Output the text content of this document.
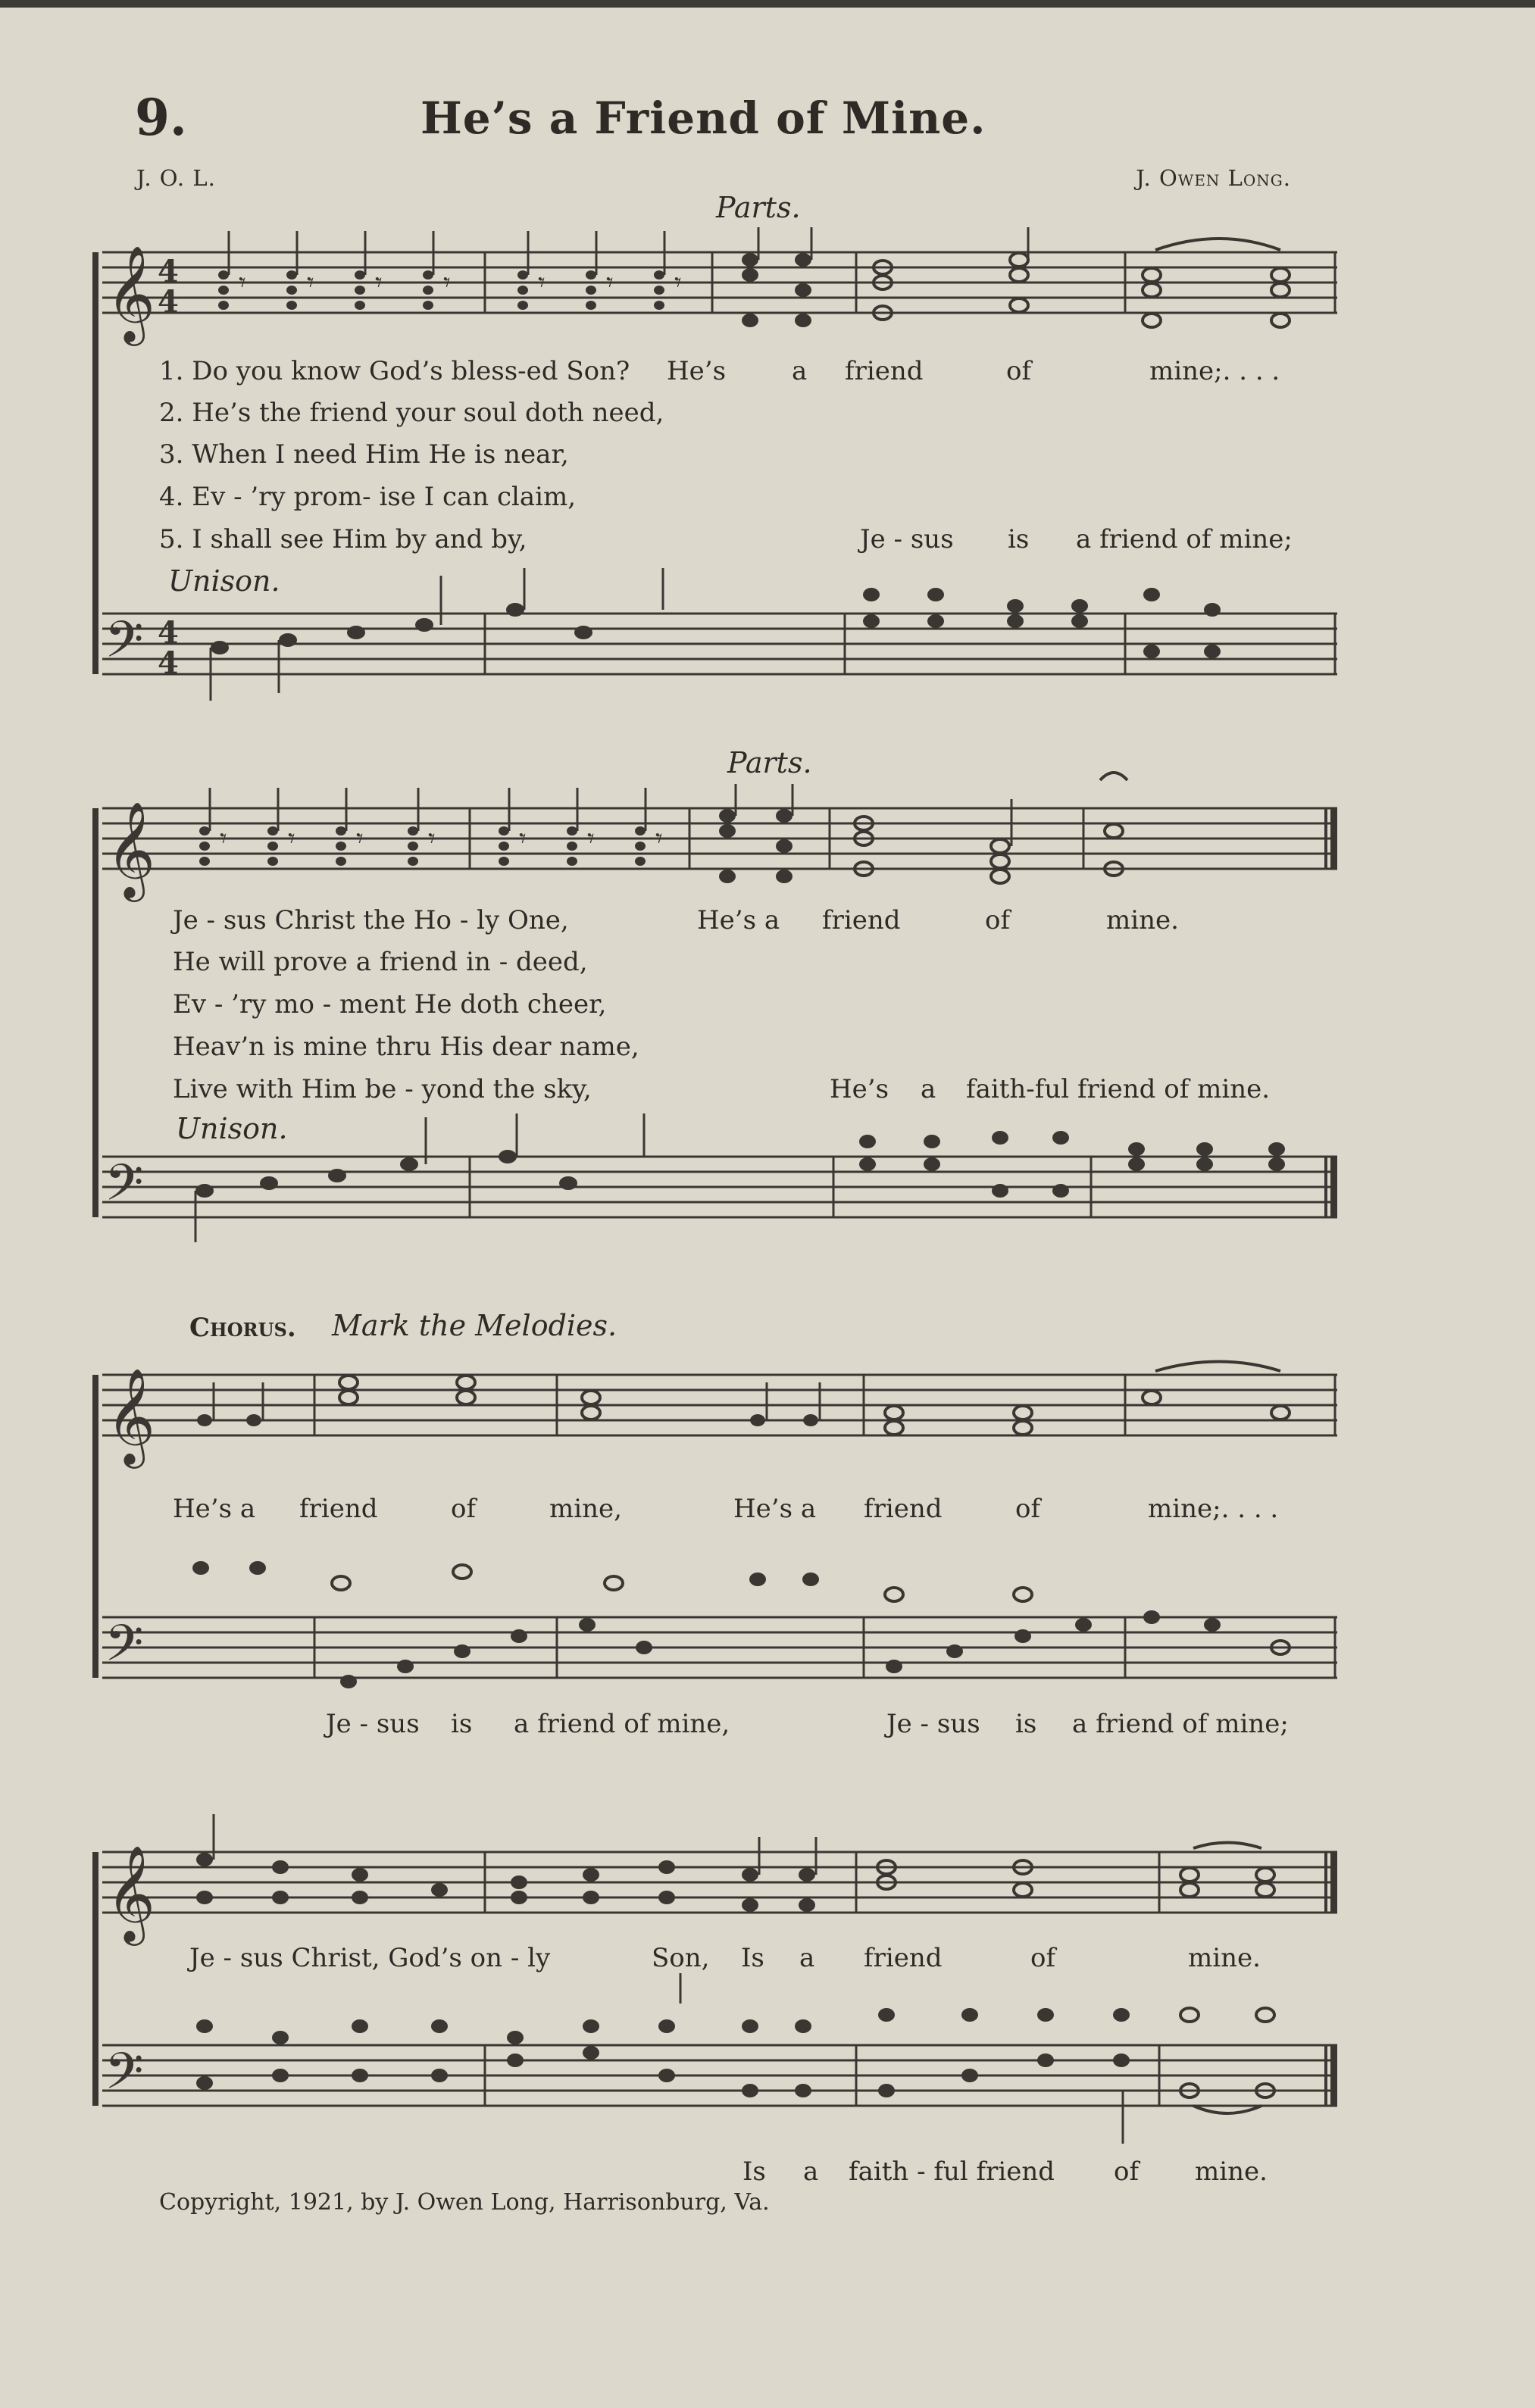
9.	He’s a Friend of Mine.
J. O. L.	J. Owen Long.
𝄞
𝄞
𝄞
𝄞
𝄢
𝄢
𝄢
𝄢
4
4
4
4
𝄾 𝄾 𝄾 𝄾	𝄾 𝄾 𝄾
𝄾 𝄾 𝄾 𝄾	𝄾 𝄾 𝄾
Parts.
1. Do you know God’s bless-ed Son? He’s	a friend	of	mine;. . . .
2. He’s the friend your soul doth need,
3. When I need Him He is near,
4. Ev - ’ry prom- ise I can claim,
5. I shall see Him by and by,	Je - sus is a friend of mine;
Unison.
Parts.
Je - sus Christ the Ho - ly One,	He’s a friend	of	mine.
He will prove a friend in - deed,
Ev - ’ry mo - ment He doth cheer,
Heav’n is mine thru His dear name,
Live with Him be - yond the sky,	He’s a faith-ful friend of mine.
Unison.
Chorus. Mark the Melodies.
He’s a friend	of	mine,	He’s a friend	of	mine;. . . .
Je - sus is a friend of mine,	Je - sus is a friend of mine;
Je - sus Christ, God’s on - ly	Son, Is a friend	of	mine.
Is a faith - ful friend of mine.
Copyright, 1921, by J. Owen Long, Harrisonburg, Va.
